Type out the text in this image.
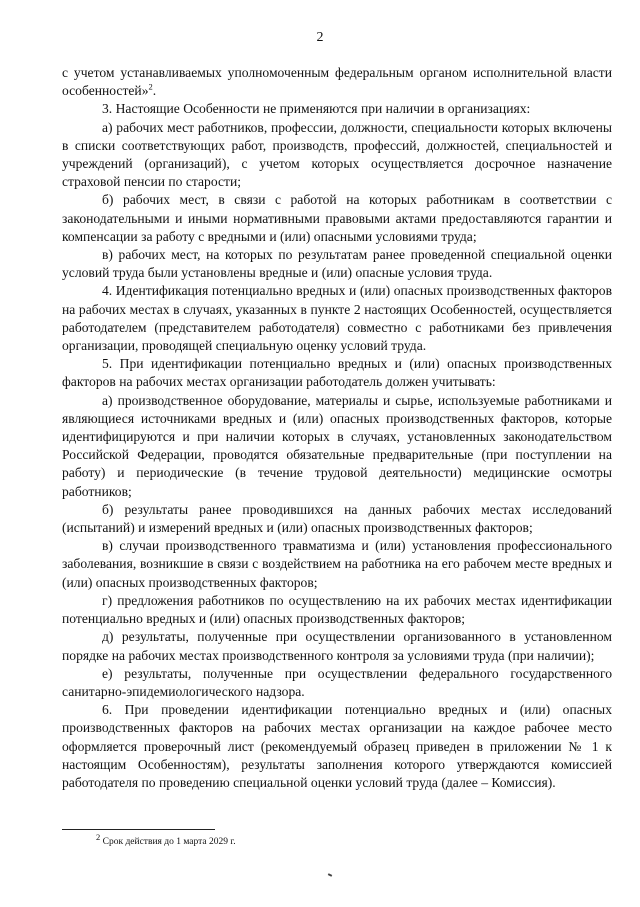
2

с учетом устанавливаемых уполномоченным федеральным органом исполнительной власти особенностей»$^2$.

3. Настоящие Особенности не применяются при наличии в организациях:

а) рабочих мест работников, профессии, должности, специальности которых включены в списки соответствующих работ, производств, профессий, должностей, специальностей и учреждений (организаций), с учетом которых осуществляется досрочное назначение страховой пенсии по старости;

б) рабочих мест, в связи с работой на которых работникам в соответствии с законодательными и иными нормативными правовыми актами предоставляются гарантии и компенсации за работу с вредными и (или) опасными условиями труда;

в) рабочих мест, на которых по результатам ранее проведенной специальной оценки условий труда были установлены вредные и (или) опасные условия труда.

4. Идентификация потенциально вредных и (или) опасных производственных факторов на рабочих местах в случаях, указанных в пункте 2 настоящих Особенностей, осуществляется работодателем (представителем работодателя) совместно с работниками без привлечения организации, проводящей специальную оценку условий труда.

5. При идентификации потенциально вредных и (или) опасных производственных факторов на рабочих местах организации работодатель должен учитывать:

а) производственное оборудование, материалы и сырье, используемые работниками и являющиеся источниками вредных и (или) опасных производственных факторов, которые идентифицируются и при наличии которых в случаях, установленных законодательством Российской Федерации, проводятся обязательные предварительные (при поступлении на работу) и периодические (в течение трудовой деятельности) медицинские осмотры работников;

б) результаты ранее проводившихся на данных рабочих местах исследований (испытаний) и измерений вредных и (или) опасных производственных факторов;

в) случаи производственного травматизма и (или) установления профессионального заболевания, возникшие в связи с воздействием на работника на его рабочем месте вредных и (или) опасных производственных факторов;

г) предложения работников по осуществлению на их рабочих местах идентификации потенциально вредных и (или) опасных производственных факторов;

д) результаты, полученные при осуществлении организованного в установленном порядке на рабочих местах производственного контроля за условиями труда (при наличии);

е) результаты, полученные при осуществлении федерального государственного санитарно-эпидемиологического надзора.

6. При проведении идентификации потенциально вредных и (или) опасных производственных факторов на рабочих местах организации на каждое рабочее место оформляется проверочный лист (рекомендуемый образец приведен в приложении № 1 к настоящим Особенностям), результаты заполнения которого утверждаются комиссией работодателя по проведению специальной оценки условий труда (далее – Комиссия).

$^2$ Срок действия до 1 марта 2029 г.
